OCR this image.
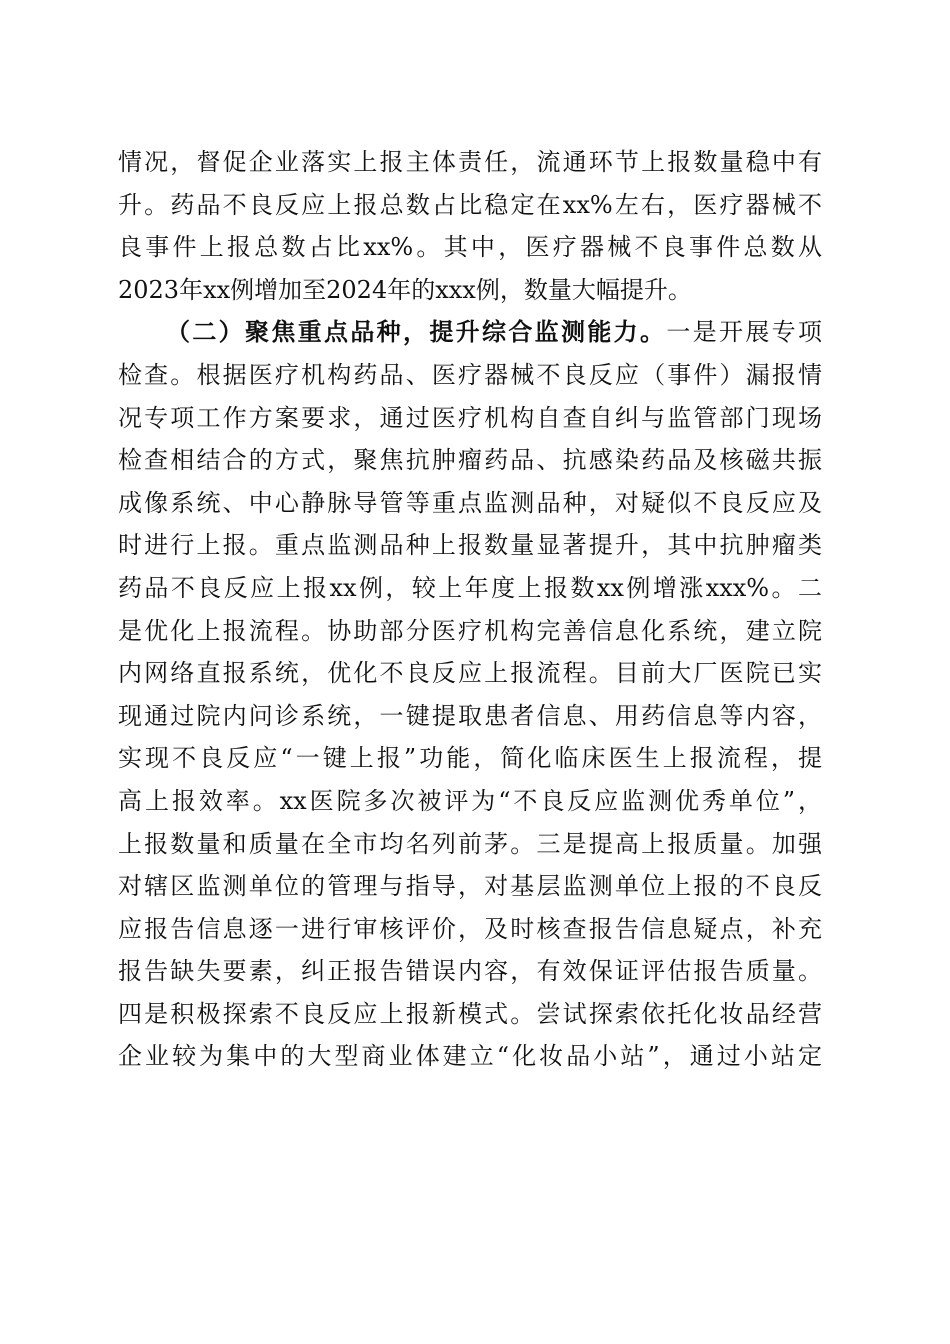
情况，督促企业落实上报主体责任，流通环节上报数量稳中有
升。药品不良反应上报总数占比稳定在xx%左右，医疗器械不
良事件上报总数占比xx%。其中，医疗器械不良事件总数从
2023年xx例增加至2024年的xxx例，数量大幅提升。
（二）聚焦重点品种，提升综合监测能力。一是开展专项
检查。根据医疗机构药品、医疗器械不良反应（事件）漏报情
况专项工作方案要求，通过医疗机构自查自纠与监管部门现场
检查相结合的方式，聚焦抗肿瘤药品、抗感染药品及核磁共振
成像系统、中心静脉导管等重点监测品种，对疑似不良反应及
时进行上报。重点监测品种上报数量显著提升，其中抗肿瘤类
药品不良反应上报xx例，较上年度上报数xx例增涨xxx%。二
是优化上报流程。协助部分医疗机构完善信息化系统，建立院
内网络直报系统，优化不良反应上报流程。目前大厂医院已实
现通过院内问诊系统，一键提取患者信息、用药信息等内容，
实现不良反应“一键上报”功能，简化临床医生上报流程，提
高上报效率。xx医院多次被评为“不良反应监测优秀单位”，
上报数量和质量在全市均名列前茅。三是提高上报质量。加强
对辖区监测单位的管理与指导，对基层监测单位上报的不良反
应报告信息逐一进行审核评价，及时核查报告信息疑点，补充
报告缺失要素，纠正报告错误内容，有效保证评估报告质量。
四是积极探索不良反应上报新模式。尝试探索依托化妆品经营
企业较为集中的大型商业体建立“化妆品小站”，通过小站定
